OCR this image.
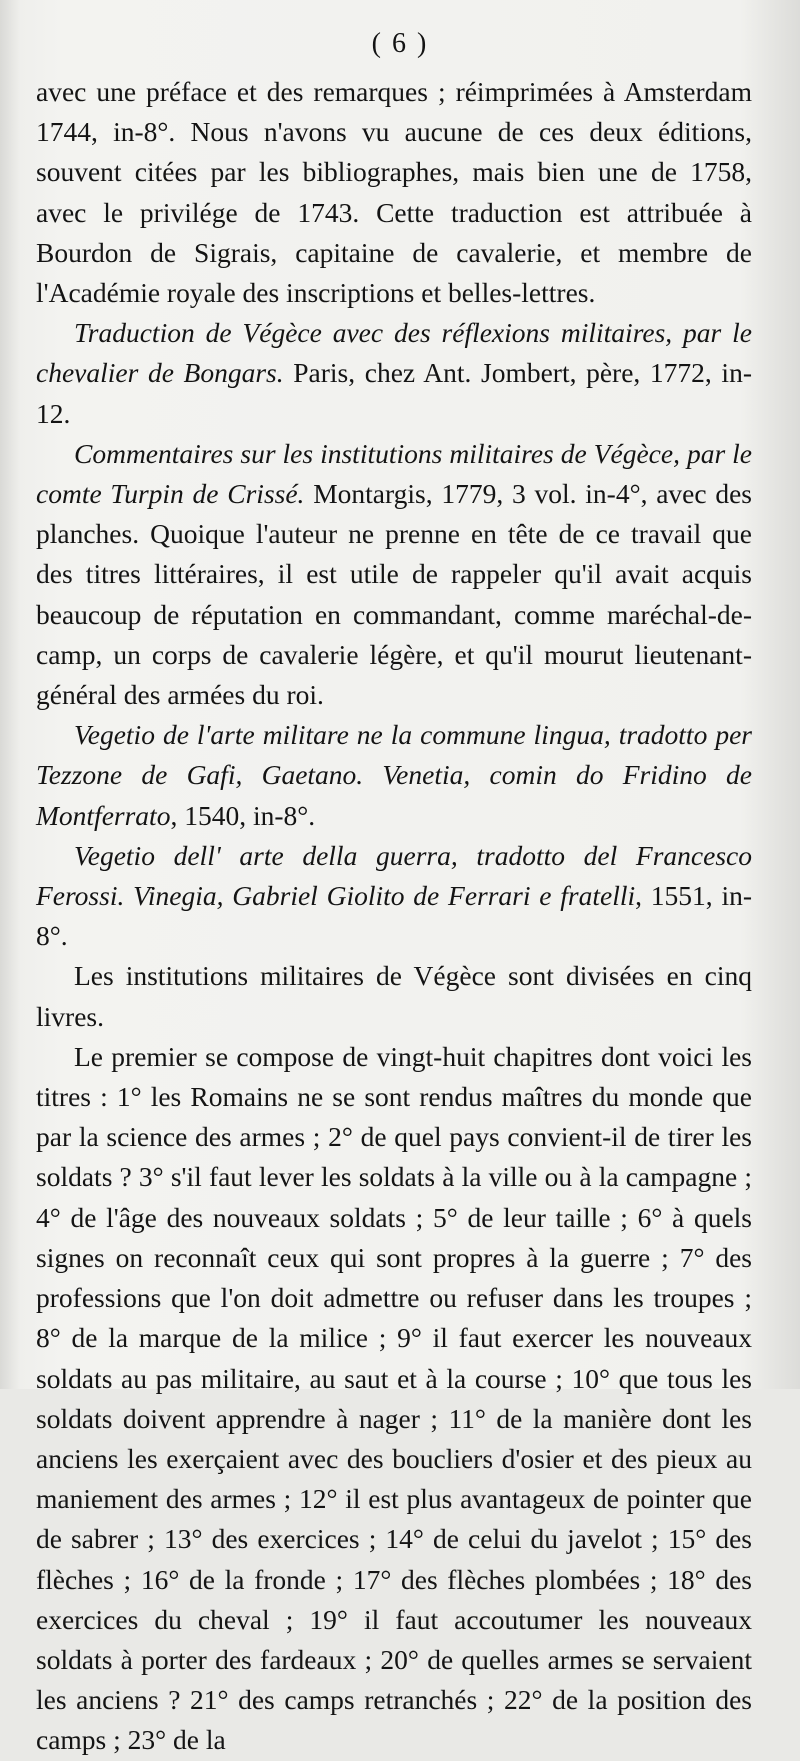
( 6 )

avec une préface et des remarques ; réimprimées à Amsterdam 1744, in-8°. Nous n'avons vu aucune de ces deux éditions, souvent citées par les bibliographes, mais bien une de 1758, avec le privilége de 1743. Cette traduction est attribuée à Bourdon de Sigrais, capitaine de cavalerie, et membre de l'Académie royale des inscriptions et belles-lettres.

Traduction de Végèce avec des réflexions militaires, par le chevalier de Bongars. Paris, chez Ant. Jombert, père, 1772, in-12.

Commentaires sur les institutions militaires de Végèce, par le comte Turpin de Crissé. Montargis, 1779, 3 vol. in-4°, avec des planches. Quoique l'auteur ne prenne en tête de ce travail que des titres littéraires, il est utile de rappeler qu'il avait acquis beaucoup de réputation en commandant, comme maréchal-de-camp, un corps de cavalerie légère, et qu'il mourut lieutenant-général des armées du roi.

Vegetio de l'arte militare ne la commune lingua, tradotto per Tezzone de Gafi, Gaetano. Venetia, comin do Fridino de Montferrato, 1540, in-8°.

Vegetio dell' arte della guerra, tradotto del Francesco Ferossi. Vinegia, Gabriel Giolito de Ferrari e fratelli, 1551, in-8°.

Les institutions militaires de Végèce sont divisées en cinq livres.

Le premier se compose de vingt-huit chapitres dont voici les titres : 1° les Romains ne se sont rendus maîtres du monde que par la science des armes ; 2° de quel pays convient-il de tirer les soldats ? 3° s'il faut lever les soldats à la ville ou à la campagne ; 4° de l'âge des nouveaux soldats ; 5° de leur taille ; 6° à quels signes on reconnaît ceux qui sont propres à la guerre ; 7° des professions que l'on doit admettre ou refuser dans les troupes ; 8° de la marque de la milice ; 9° il faut exercer les nouveaux soldats au pas militaire, au saut et à la course ; 10° que tous les soldats doivent apprendre à nager ; 11° de la manière dont les anciens les exerçaient avec des boucliers d'osier et des pieux au maniement des armes ; 12° il est plus avantageux de pointer que de sabrer ; 13° des exercices ; 14° de celui du javelot ; 15° des flèches ; 16° de la fronde ; 17° des flèches plombées ; 18° des exercices du cheval ; 19° il faut accoutumer les nouveaux soldats à porter des fardeaux ; 20° de quelles armes se servaient les anciens ? 21° des camps retranchés ; 22° de la position des camps ; 23° de la
